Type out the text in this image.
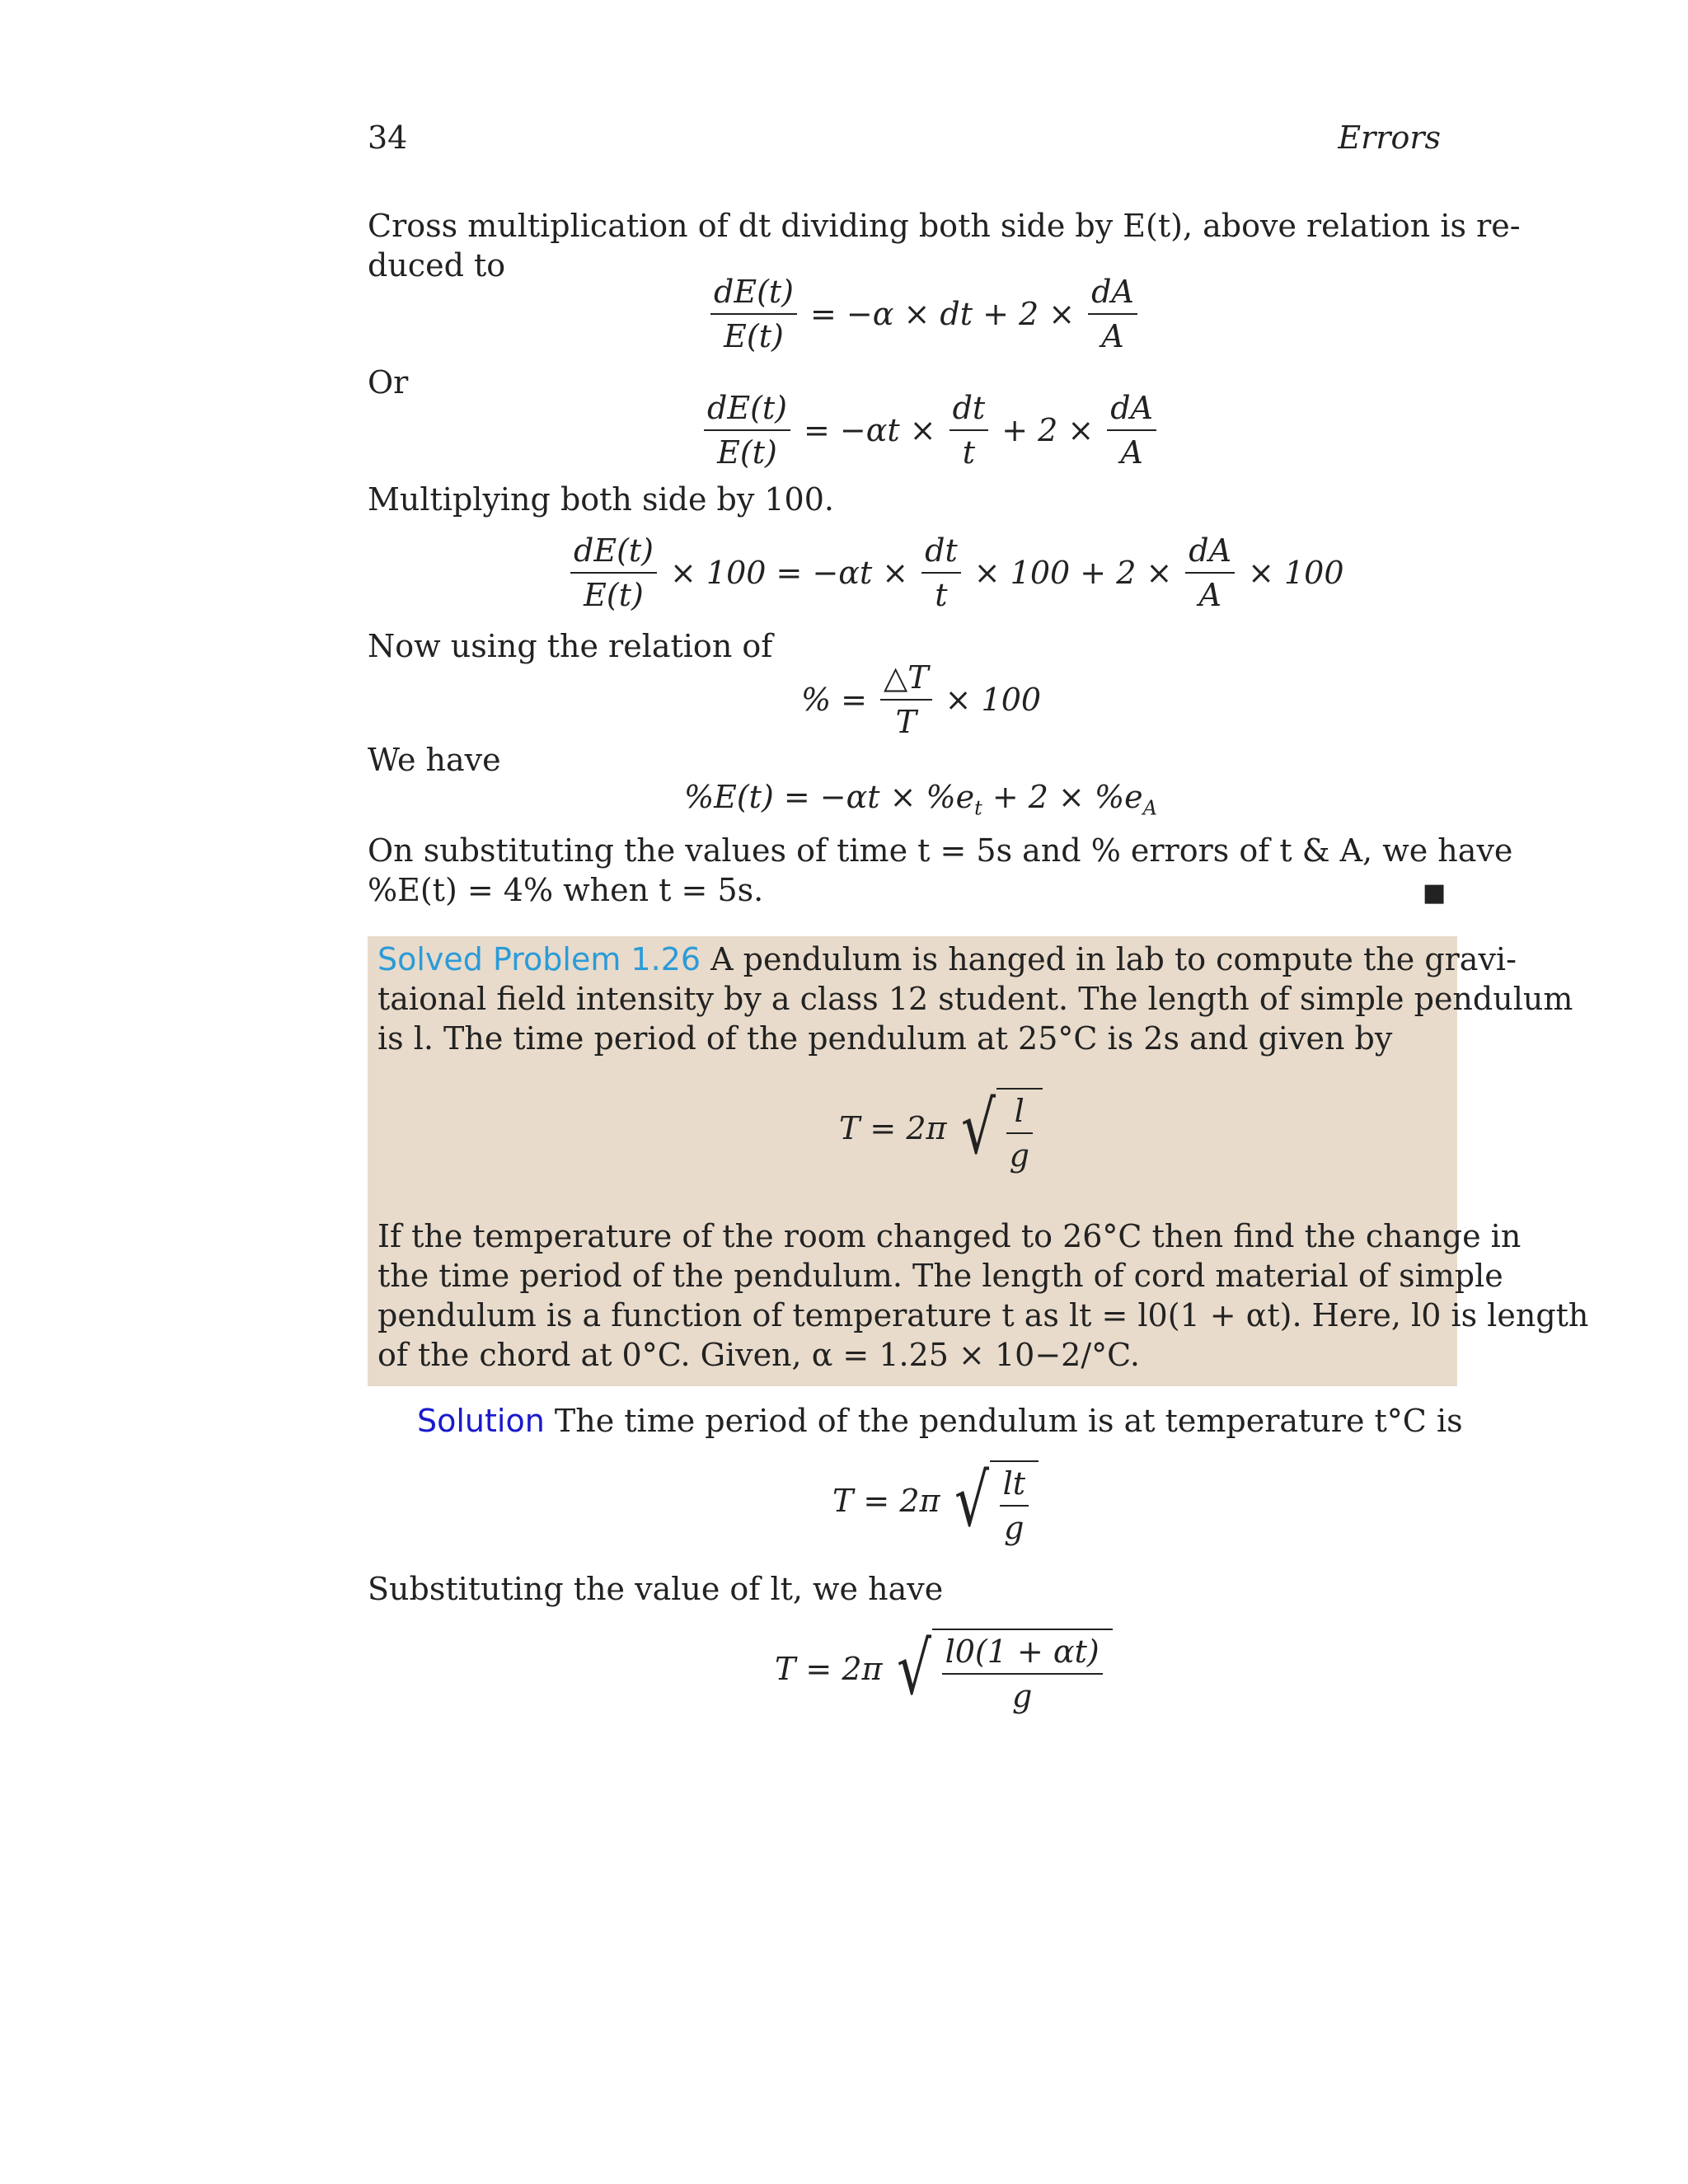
34	Errors
Cross multiplication of dt dividing both side by E(t), above relation is re-
duced to
$\frac{dE(t)}{E(t)} = -\alpha$ × dt + $2 \times \frac{dA}{A}$
Or
$\frac{dE(t)}{E(t)} = -\alpha t \times \frac{dt}{t} + 2 \times \frac{dA}{A}$
Multiplying both side by 100.
$\frac{dE(t)}{E(t)} \times 100 = -\alpha t \times \frac{dt}{t} \times 100 + 2 \times \frac{dA}{A} \times 100$
Now using the relation of
% = $\frac{\triangle T}{T} \times 100$
We have
$\%E(t) = -\alpha t \times \%e_t + 2 \times \%e_A$
On substituting the values of time t = 5s and % errors of t & A, we have
%E(t) = 4% when t = 5s.	■
Solved Problem 1.26 A pendulum is hanged in lab to compute the gravi-
taional field intensity by a class 12 student. The length of simple pendulum
is l. The time period of the pendulum at 25°C is 2s and given by
T = 2π √ $\frac{l}{g}$
If the temperature of the room changed to 26°C then find the change in
the time period of the pendulum. The length of cord material of simple
pendulum is a function of temperature t as lt = l0(1 + αt). Here, l0 is length
of the chord at 0°C. Given, α = 1.25 × 10−2/°C.
Solution The time period of the pendulum is at temperature t°C is
T = 2π √ $\frac{lt}{g}$
Substituting the value of lt, we have
T = 2π √ $\frac{l0(1 + \alpha t)}{g}$
